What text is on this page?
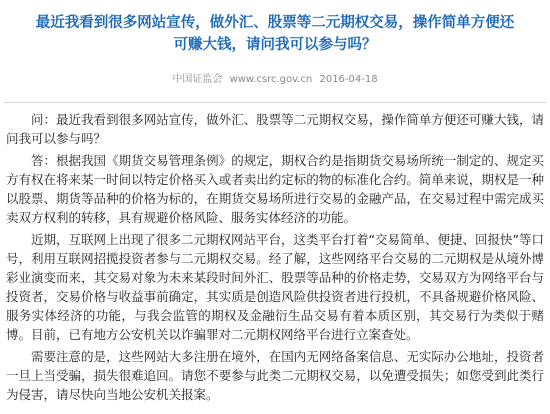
最近我看到很多网站宣传，做外汇、股票等二元期权交易，操作简单方便还可赚大钱，请问我可以参与吗？
中国证监会 www.csrc.gov.cn 2016-04-18

问：最近我看到很多网站宣传，做外汇、股票等二元期权交易，操作简单方便还可赚大钱，请问我可以参与吗？

答：根据我国《期货交易管理条例》的规定，期权合约是指期货交易场所统一制定的、规定买方有权在将来某一时间以特定价格买入或者卖出约定标的物的标准化合约。简单来说，期权是一种以股票、期货等品种的价格为标的，在期货交易场所进行交易的金融产品，在交易过程中需完成买卖双方权利的转移，具有规避价格风险、服务实体经济的功能。

近期，互联网上出现了很多二元期权网站平台，这类平台打着“交易简单、便捷、回报快”等口号，利用互联网招揽投资者参与二元期权交易。经了解，这些网络平台交易的二元期权是从境外博彩业演变而来，其交易对象为未来某段时间外汇、股票等品种的价格走势，交易双方为网络平台与投资者，交易价格与收益事前确定，其实质是创造风险供投资者进行投机，不具备规避价格风险、服务实体经济的功能，与我会监管的期权及金融衍生品交易有着本质区别，其交易行为类似于赌博。目前，已有地方公安机关以诈骗罪对二元期权网络平台进行立案查处。

需要注意的是，这些网站大多注册在境外，在国内无网络备案信息、无实际办公地址，投资者一旦上当受骗，损失很难追回。请您不要参与此类二元期权交易，以免遭受损失；如您受到此类行为侵害，请尽快向当地公安机关报案。
